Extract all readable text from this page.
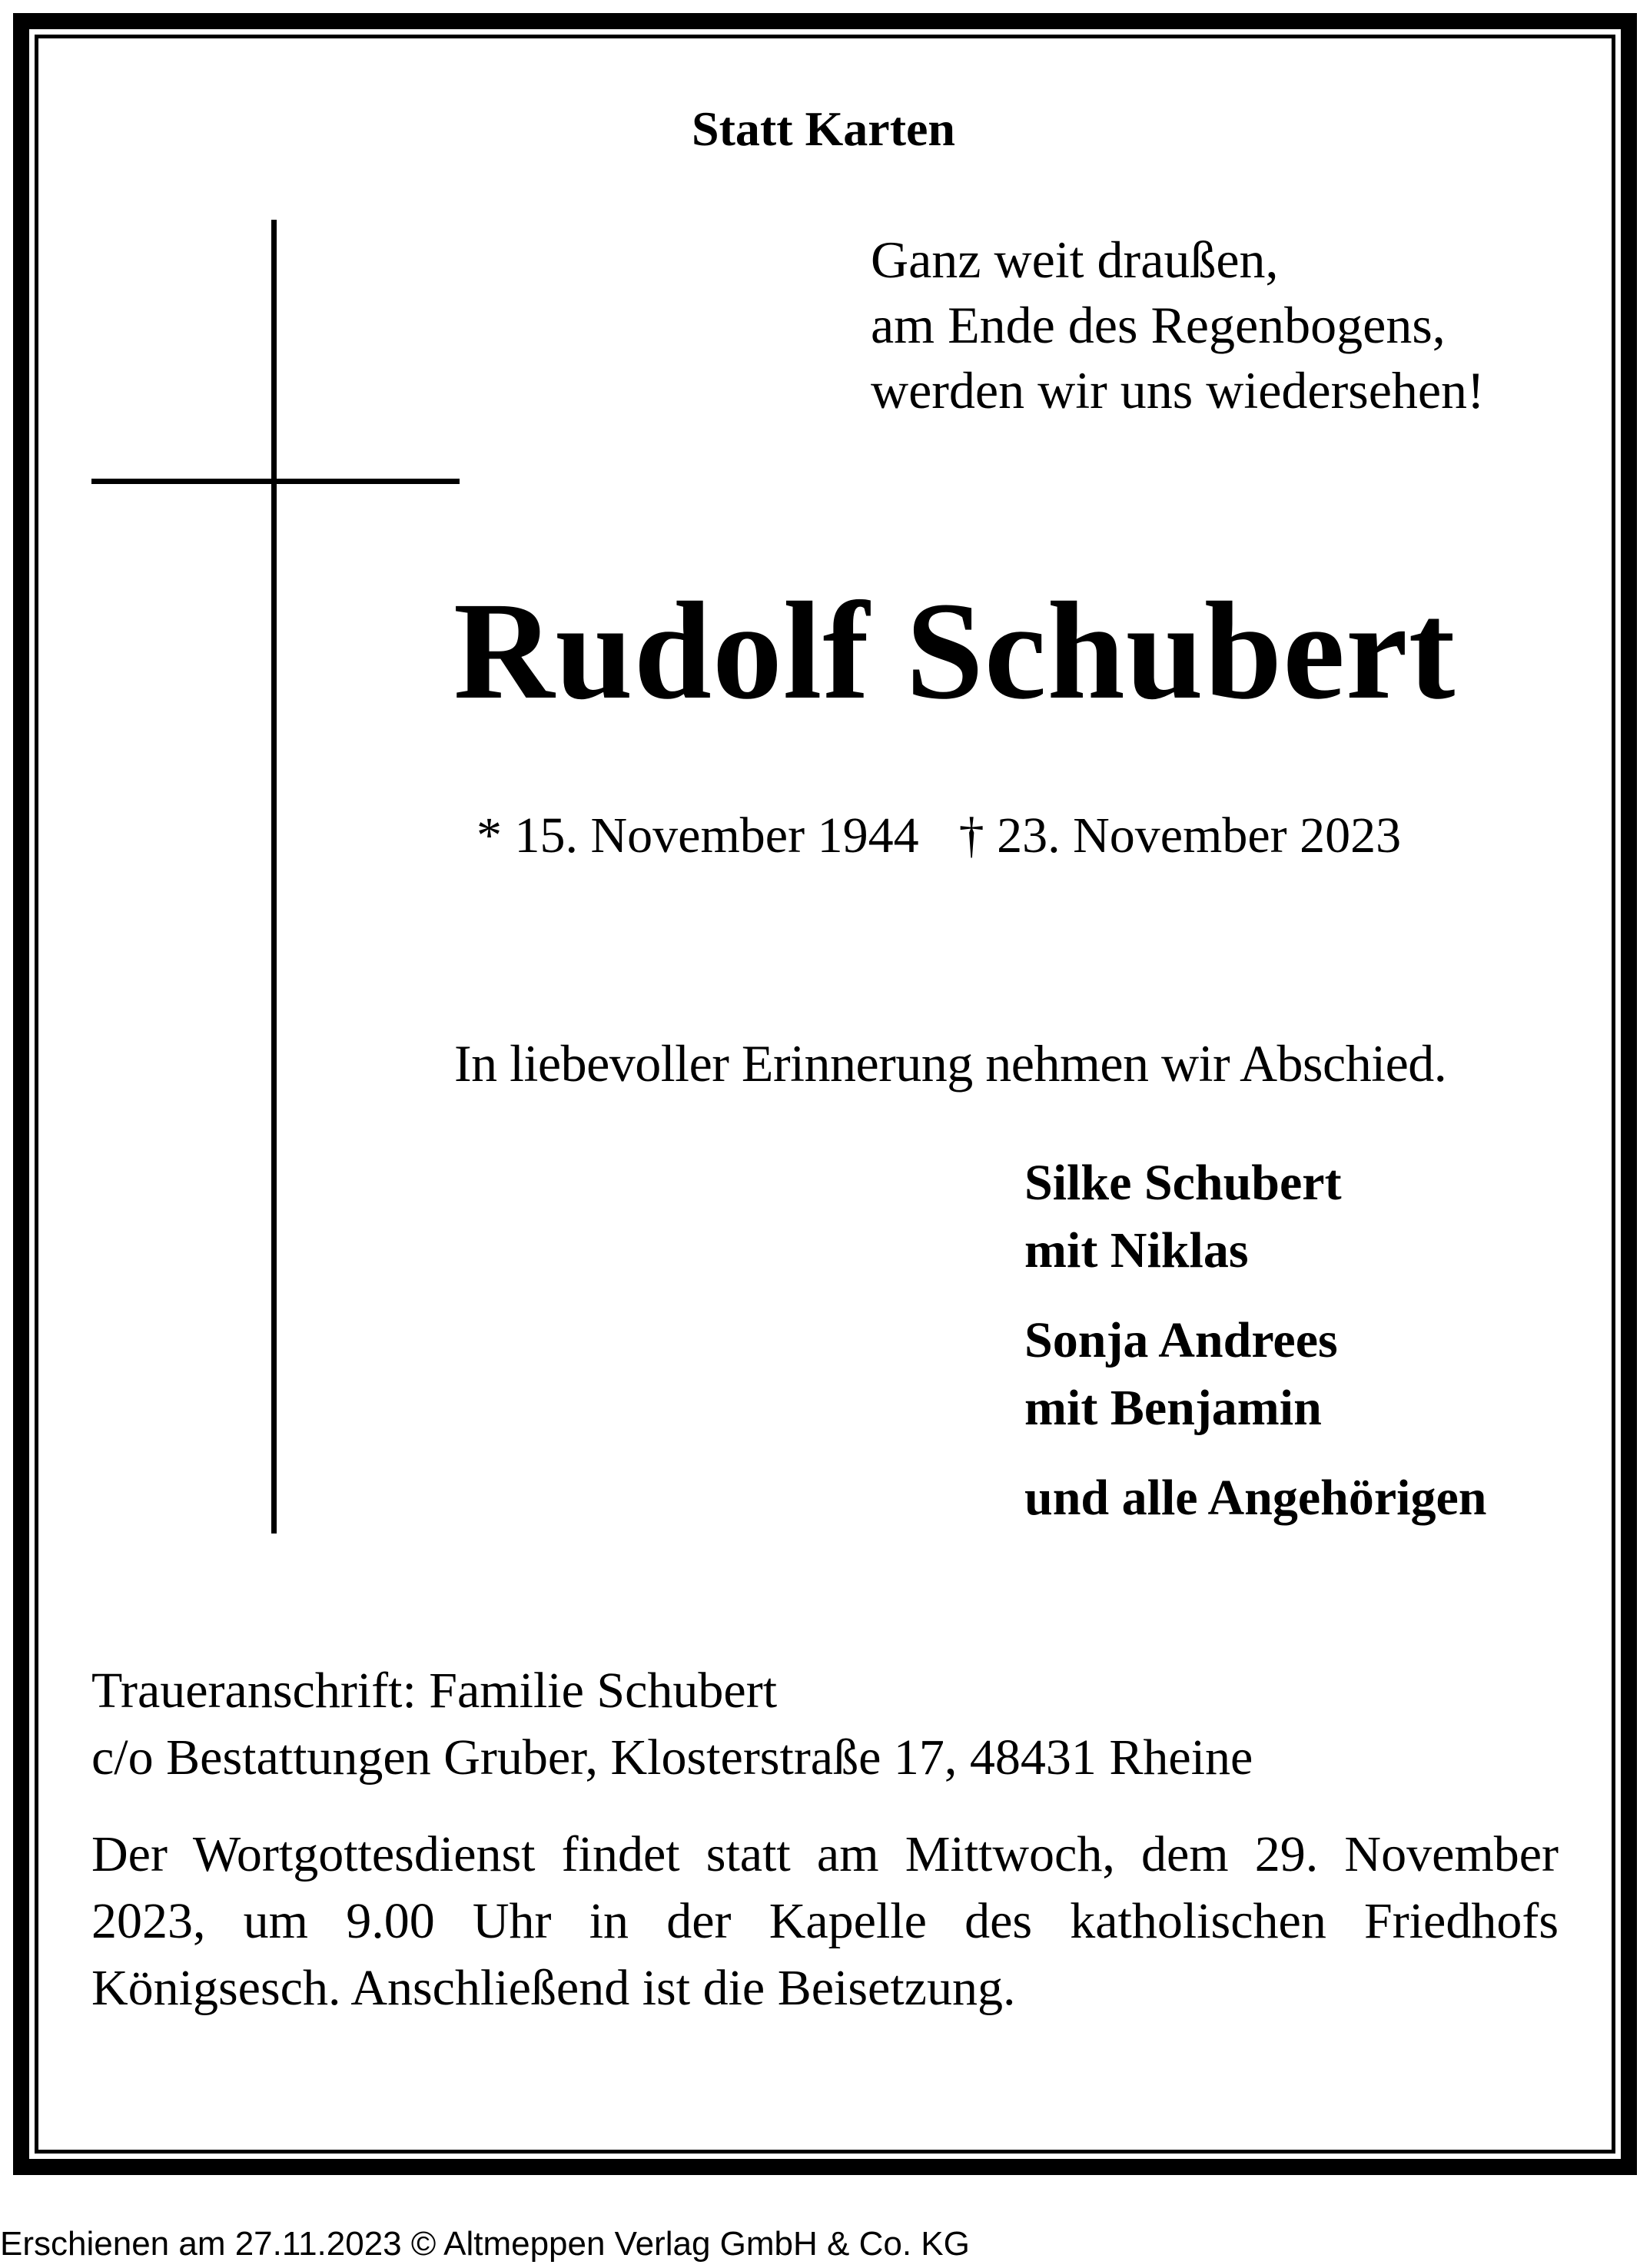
Statt Karten
Ganz weit draußen,
am Ende des Regenbogens,
werden wir uns wiedersehen!
Rudolf Schubert
* 15. November 1944 † 23. November 2023
In liebevoller Erinnerung nehmen wir Abschied.
Silke Schubert
mit Niklas
Sonja Andrees
mit Benjamin
und alle Angehörigen
Traueranschrift: Familie Schubert
c/o Bestattungen Gruber, Klosterstraße 17, 48431 Rheine
Der Wortgottesdienst findet statt am Mittwoch, dem 29. November 2023, um 9.00 Uhr in der Kapelle des katholischen Friedhofs Königsesch. Anschließend ist die Beisetzung.
Erschienen am 27.11.2023 © Altmeppen Verlag GmbH & Co. KG
